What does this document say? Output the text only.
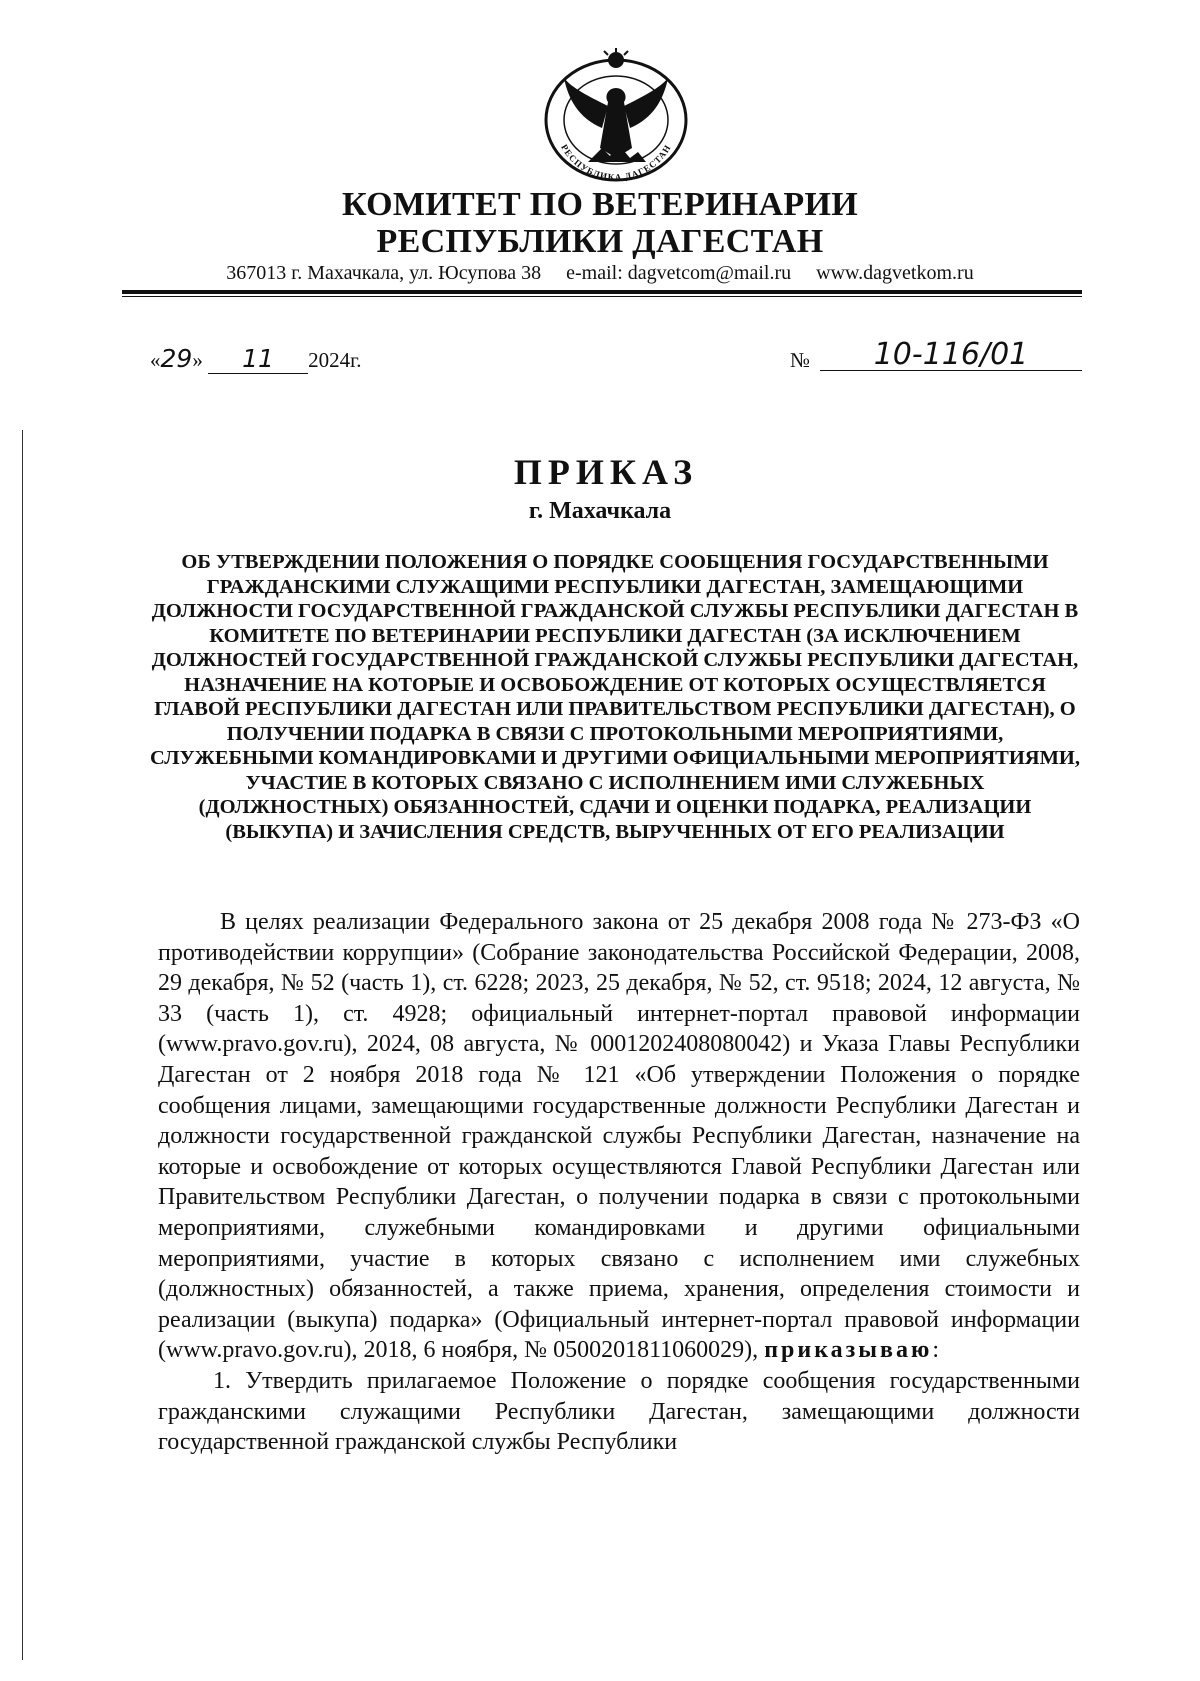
РЕСПУБЛИКА ДАГЕСТАН
КОМИТЕТ ПО ВЕТЕРИНАРИИ
РЕСПУБЛИКИ ДАГЕСТАН
367013 г. Махачкала, ул. Юсупова 38 e-mail: dagvetcom@mail.ru www.dagvetkom.ru
«29» 11 2024г.	№	10-116/01
ПРИКАЗ
г. Махачкала

ОБ УТВЕРЖДЕНИИ ПОЛОЖЕНИЯ О ПОРЯДКЕ СООБЩЕНИЯ ГОСУДАРСТВЕННЫМИ ГРАЖДАНСКИМИ СЛУЖАЩИМИ РЕСПУБЛИКИ ДАГЕСТАН, ЗАМЕЩАЮЩИМИ ДОЛЖНОСТИ ГОСУДАРСТВЕННОЙ ГРАЖДАНСКОЙ СЛУЖБЫ РЕСПУБЛИКИ ДАГЕСТАН В КОМИТЕТЕ ПО ВЕТЕРИНАРИИ РЕСПУБЛИКИ ДАГЕСТАН (ЗА ИСКЛЮЧЕНИЕМ ДОЛЖНОСТЕЙ ГОСУДАРСТВЕННОЙ ГРАЖДАНСКОЙ СЛУЖБЫ РЕСПУБЛИКИ ДАГЕСТАН, НАЗНАЧЕНИЕ НА КОТОРЫЕ И ОСВОБОЖДЕНИЕ ОТ КОТОРЫХ ОСУЩЕСТВЛЯЕТСЯ ГЛАВОЙ РЕСПУБЛИКИ ДАГЕСТАН ИЛИ ПРАВИТЕЛЬСТВОМ РЕСПУБЛИКИ ДАГЕСТАН), О ПОЛУЧЕНИИ ПОДАРКА В СВЯЗИ С ПРОТОКОЛЬНЫМИ МЕРОПРИЯТИЯМИ, СЛУЖЕБНЫМИ КОМАНДИРОВКАМИ И ДРУГИМИ ОФИЦИАЛЬНЫМИ МЕРОПРИЯТИЯМИ, УЧАСТИЕ В КОТОРЫХ СВЯЗАНО С ИСПОЛНЕНИЕМ ИМИ СЛУЖЕБНЫХ (ДОЛЖНОСТНЫХ) ОБЯЗАННОСТЕЙ, СДАЧИ И ОЦЕНКИ ПОДАРКА, РЕАЛИЗАЦИИ (ВЫКУПА) И ЗАЧИСЛЕНИЯ СРЕДСТВ, ВЫРУЧЕННЫХ ОТ ЕГО РЕАЛИЗАЦИИ

В целях реализации Федерального закона от 25 декабря 2008 года № 273-ФЗ «О противодействии коррупции» (Собрание законодательства Российской Федерации, 2008, 29 декабря, № 52 (часть 1), ст. 6228; 2023, 25 декабря, № 52, ст. 9518; 2024, 12 августа, № 33 (часть 1), ст. 4928; официальный интернет-портал правовой информации (www.pravo.gov.ru), 2024, 08 августа, № 0001202408080042) и Указа Главы Республики Дагестан от 2 ноября 2018 года № 121 «Об утверждении Положения о порядке сообщения лицами, замещающими государственные должности Республики Дагестан и должности государственной гражданской службы Республики Дагестан, назначение на которые и освобождение от которых осуществляются Главой Республики Дагестан или Правительством Республики Дагестан, о получении подарка в связи с протокольными мероприятиями, служебными командировками и другими официальными мероприятиями, участие в которых связано с исполнением ими служебных (должностных) обязанностей, а также приема, хранения, определения стоимости и реализации (выкупа) подарка» (Официальный интернет-портал правовой информации (www.pravo.gov.ru), 2018, 6 ноября, № 0500201811060029), приказываю:

1. Утвердить прилагаемое Положение о порядке сообщения государственными гражданскими служащими Республики Дагестан, замещающими должности государственной гражданской службы Республики
